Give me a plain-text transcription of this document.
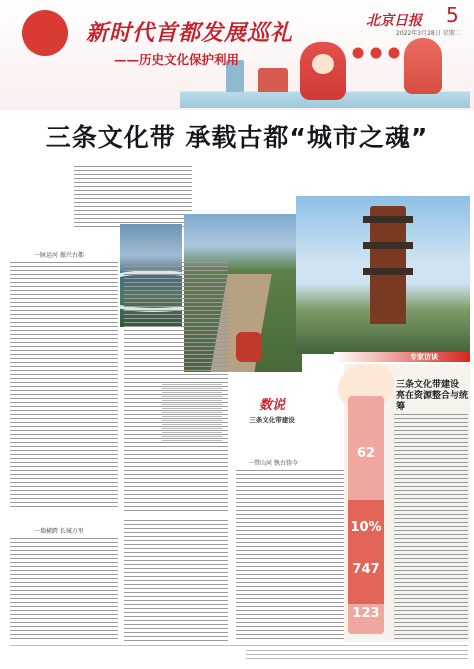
新时代首都发展巡礼
——历史文化保护利用
北京日报 5
2022年3月28日 星期二
三条文化带 承载古都“城市之魂”
一脉运河 振兴古都
一墙横跨 长城万里
一带山河 镌古铸今
专家访谈
数说
三条文化带建设
62
10%
747
123
三条文化带建设 亮在资源整合与统筹
